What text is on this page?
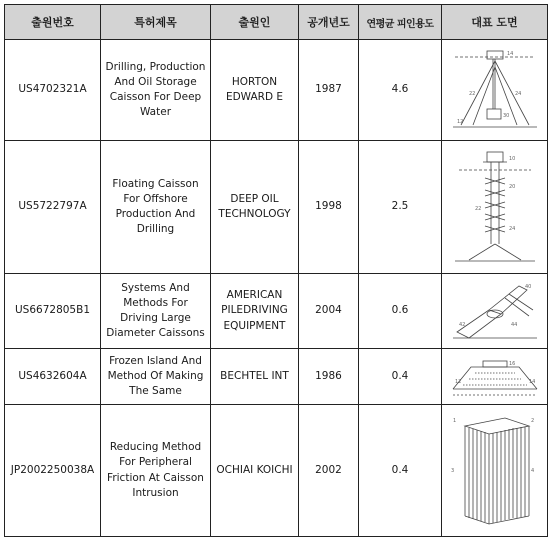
출원번호	특허제목	출원인	공개년도	연평균 피인용도	대표 도면
US4702321A	Drilling, Production And Oil Storage Caisson For Deep Water	HORTON EDWARD E	1987	4.6	14
22 24
30
12

US5722797A	Floating Caisson For Offshore Production And Drilling	DEEP OIL TECHNOLOGY	1998	2.5	10
20
22
24

US6672805B1	Systems And Methods For Driving Large Diameter Caissons	AMERICAN PILEDRIVING EQUIPMENT	2004	0.6	40
42 44

US4632604A	Frozen Island And Method Of Making The Same	BECHTEL INT	1986	0.4	16
12 14

JP2002250038A	Reducing Method For Peripheral Friction At Caisson Intrusion	OCHIAI KOICHI	2002	0.4	1 2
3 4
